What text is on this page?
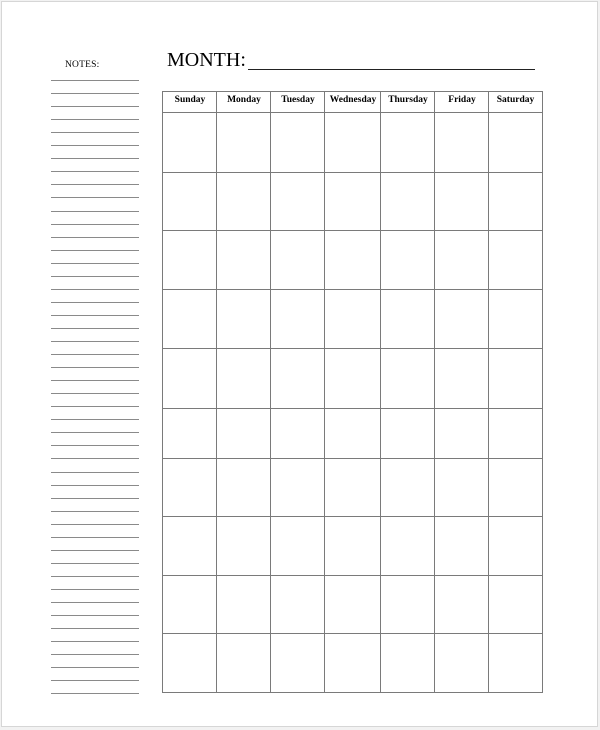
NOTES:	MONTH:
Sunday	Monday	Tuesday	Wednesday	Thursday	Friday	Saturday
